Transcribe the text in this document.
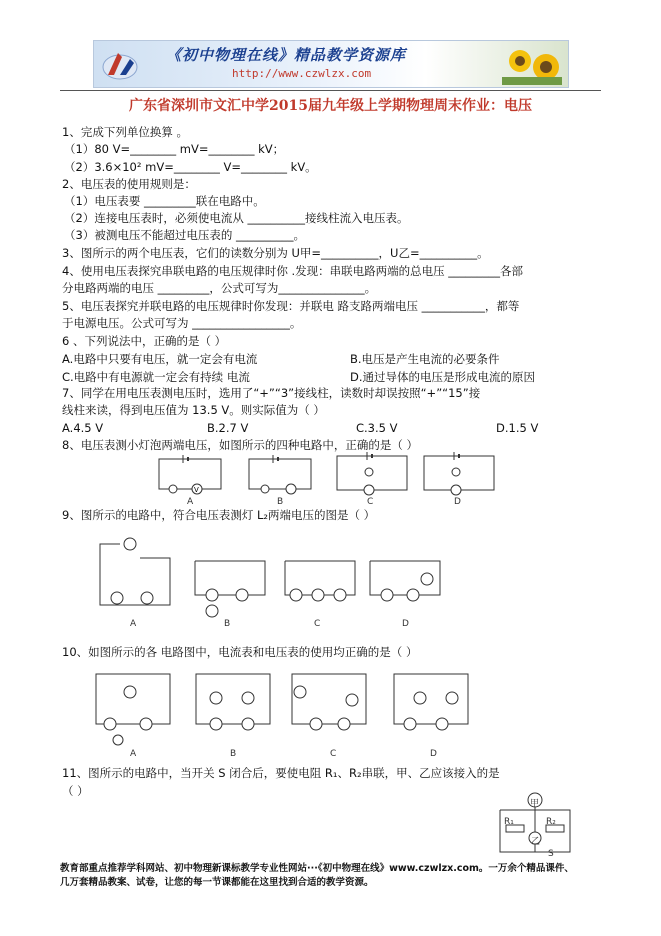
《初中物理在线》精品教学资源库
http://www.czwlzx.com
广东省深圳市文汇中学2015届九年级上学期物理周末作业：电压
1、完成下列单位换算 。
（1）80 V=________ mV=________ kV；
（2）3.6×10² mV=________ V=________ kV。
2、电压表的使用规则是：
（1）电压表要 _________联在电路中。
（2）连接电压表时，必须使电流从 __________接线柱流入电压表。
（3）被测电压不能超过电压表的 __________。
3、图所示的两个电压表，它们的读数分别为 U甲=__________，U乙=__________。
4、使用电压表探究串联电路的电压规律时你 .发现：串联电路两端的总电压 _________各部
分电路两端的电压 _________，公式可写为_______________。
5、电压表探究并联电路的电压规律时你发现：并联电 路支路两端电压 ___________，都等
于电源电压。公式可写为 _________________。
6 、下列说法中，正确的是（ ）
A.电路中只要有电压，就一定会有电流	B.电压是产生电流的必要条件
C.电路中有电源就一定会有持续 电流	D.通过导体的电压是形成电流的原因
7、同学在用电压表测电压时，选用了“+”“3”接线柱，读数时却误按照“+”“15”接
线柱来读，得到电压值为 13.5 V。则实际值为（ ）
A.4.5 V	B.2.7 V	C.3.5 V	D.1.5 V
8、电压表测小灯泡两端电压，如图所示的四种电路中，正确的是（ ）
V
A	B	C	D
9、图所示的电路中，符合电压表测灯 L₂两端电压的图是（ ）
A	B	C	D
10、如图所示的各 电路图中，电流表和电压表的使用均正确的是（ ）
A	B	C	D
11、图所示的电路中，当开关 S 闭合后，要使电阻 R₁、R₂串联，甲、乙应该接入的是
（ ）
甲
R₁	R₂
乙
S
教育部重点推荐学科网站、初中物理新课标教学专业性网站···《初中物理在线》www.czwlzx.com。一万余个精品课件、
几万套精品教案、试卷，让您的每一节课都能在这里找到合适的教学资源。
